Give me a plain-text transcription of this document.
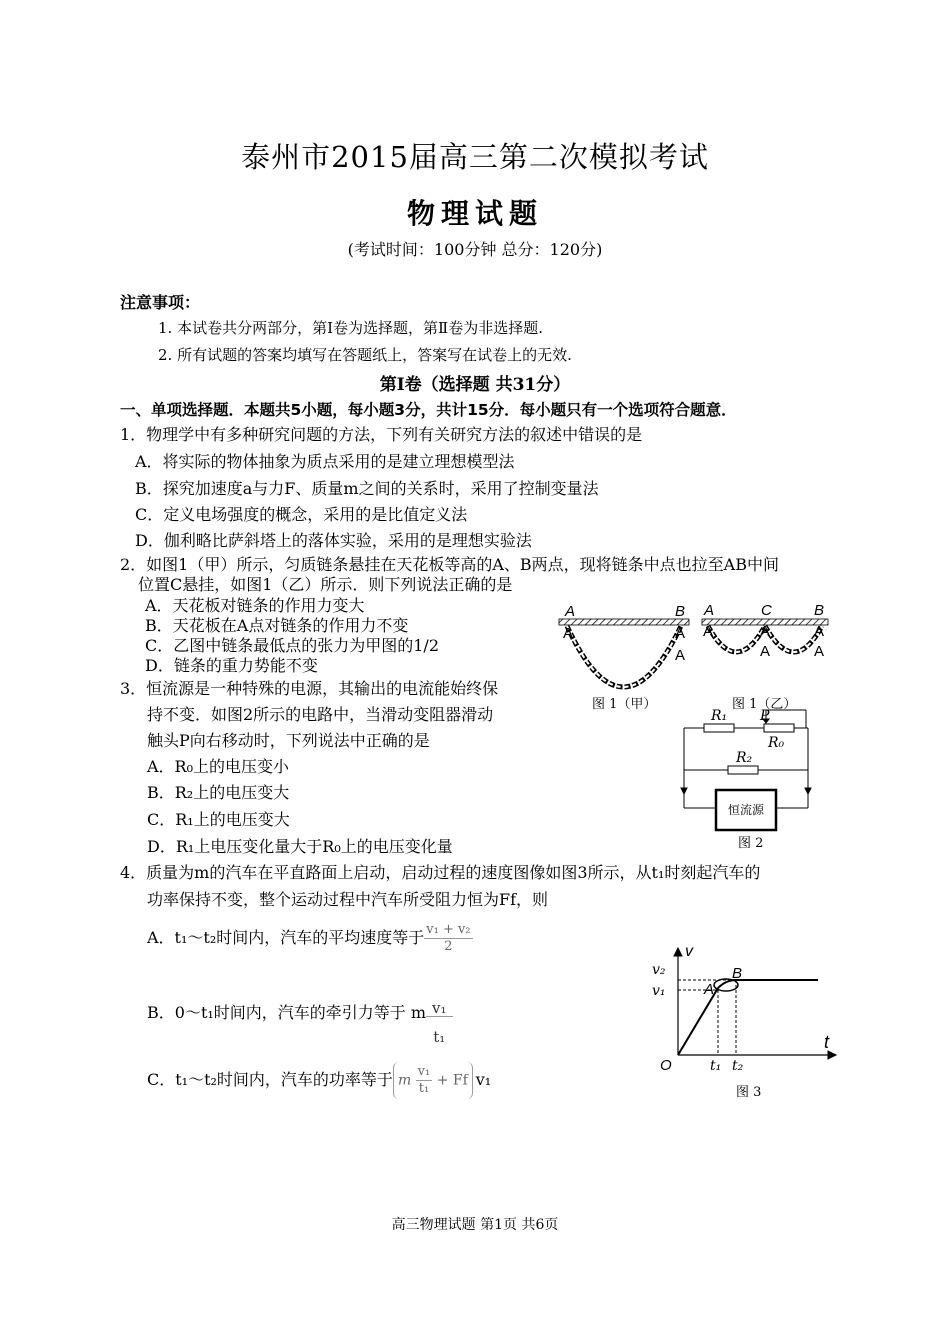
泰州市2015届高三第二次模拟考试
物理试题
(考试时间：100分钟 总分：120分)
注意事项：
1. 本试卷共分两部分，第Ⅰ卷为选择题，第Ⅱ卷为非选择题.
2. 所有试题的答案均填写在答题纸上，答案写在试卷上的无效.
第Ⅰ卷（选择题 共31分）
一、单项选择题．本题共5小题，每小题3分，共计15分．每小题只有一个选项符合题意．
1．物理学中有多种研究问题的方法，下列有关研究方法的叙述中错误的是
A．将实际的物体抽象为质点采用的是建立理想模型法
B．探究加速度a与力F、质量m之间的关系时，采用了控制变量法
C．定义电场强度的概念，采用的是比值定义法
D．伽利略比萨斜塔上的落体实验，采用的是理想实验法
2．如图1（甲）所示，匀质链条悬挂在天花板等高的A、B两点，现将链条中点也拉至AB中间
位置C悬挂，如图1（乙）所示．则下列说法正确的是
A．天花板对链条的作用力变大
B．天花板在A点对链条的作用力不变
C．乙图中链条最低点的张力为甲图的1/2
D．链条的重力势能不变
A	B
A	A
A
图 1（甲）
A	C	B
A	A	A
A	A
图 1（乙）
3．恒流源是一种特殊的电源，其输出的电流能始终保
持不变．如图2所示的电路中，当滑动变阻器滑动
触头P向右移动时，下列说法中正确的是
A．R₀上的电压变小
B．R₂上的电压变大
C．R₁上的电压变大
D．R₁上电压变化量大于R₀上的电压变化量
R₁ P
R₀
R₂
恒流源
图 2
4．质量为m的汽车在平直路面上启动，启动过程的速度图像如图3所示，从t₁时刻起汽车的
功率保持不变，整个运动过程中汽车所受阻力恒为Ff，则
A．t₁～t₂时间内，汽车的平均速度等于 $\frac{\text{v₁ + v₂}}{2}$
B．0～t₁时间内，汽车的牵引力等于 m $\frac{\text{v₁}}{\text{t₁}}$
C．t₁～t₂时间内，汽车的功率等于 m $\frac{\text{v₁}}{\text{t₁}} + Ff$ v₁
v
t
O
v₂
v₁
t₁ t₂
A
B
图 3
高三物理试题 第1页 共6页
